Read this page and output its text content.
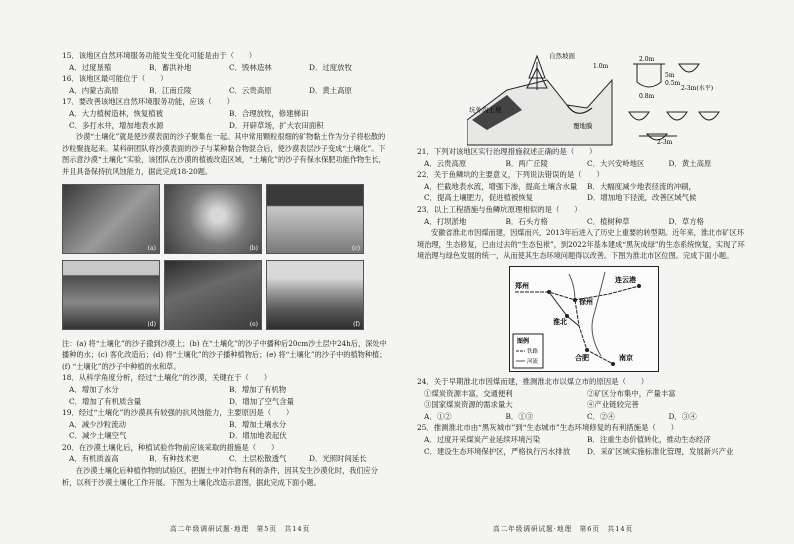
15．该地区自然环境服务功能发生变化可能是由于（　　）
A．过度垦殖	B．蓄洪补地	C．毁林造林	D．过度放牧
16．该地区最可能位于（　　）
A．内蒙古高原	B．江南丘陵	C．云贵高原	D．黄土高原
17．要改善该地区自然环境服务功能，应该（　　）
A．大力植树造林，恢复植被	B．合理放牧，修建梯田
C．多打水井，增加地表水源	D．开辟草场，扩大农田面积
沙漠“土壤化”就是使沙漠表面的沙子聚集在一起。其中常用颗粒很细的矿物黏土作为分子将松散的沙粒聚拢起来。某科研团队将沙漠表面的沙子与某种黏合物混合后，使沙漠表层沙子变成“土壤化”。下图示意沙漠“土壤化”实验，该团队在沙漠的植被改造区域，“土壤化”的沙子有保水保肥功能作物生长，并且具备保持抗风蚀能力，据此完成18-20题。
(a)	(b)	(c)
(d)	(e)	(f)
注：(a) 将“土壤化”的沙子撒到沙漠上；(b) 在“土壤化”的沙子中播种后20cm沙土层中24h后，深处中播种的水；(c) 客化改造后；(d) 将“土壤化”的沙子播种植物后；(e) 将“土壤化”的沙子中的植物种植；(f) “土壤化”的沙子中种植的水和草。
18．从科学角度分析，经过“土壤化”的沙漠，关键在于（　　）
A．增加了水分	B．增加了有机物
C．增加了有机质含量	D．增加了空气含量
19．经过“土壤化”的沙漠具有较强的抗风蚀能力，主要原因是（　　）
A．减少沙粒流动	B．增加土壤水分
C．减少土壤空气	D．增加地表起伏
20．在沙漠土壤化后，种植试验作物前应该采取的措施是（　　）
A．有机质盖高	B．有种技术更	C．土层松散透气	D．光照时间延长
在沙漠土壤化后种植作物的试验区，把握土中对作物有利的条件，因其发生沙漠化时，我们应分析，以利于沙漠土壤化工作开展。下图为土壤化改造示意图，据此完成下面小题。
高二年级调研试题·地理　第5页　共14页
自然坡面
坑外沟土埂
覆地膜
1.0m
5m
2.0m
0.5m
0.8m
2-3m(水平)
2-3m
21．下列对该地区实行治理措施叙述正确的是（　　）
A．云贵高原	B．两广丘陵	C．大兴安岭地区	D．黄土高原
22．关于鱼鳞坑的主要意义，下列说法错误的是（　　）
A．拦截地表水流，增强下渗，提高土壤含水量	B．大幅度减少地表径流的冲刷，
C．提高土壤肥力，促进植被恢复	D．增加地下径流，改善区域气候
23．以上工程措施与鱼鳞坑原理相似的是（　　）
A．打坝淤地	B．石头方格	C．植树种草	D．草方格
安徽省淮北市因煤而建，因煤而兴，2013年后进入了历史上重要的转型期。近年来，淮北市矿区环境治理，生态修复，已由过去的“生态包袱”，到2022年基本建成“黑灰成绿”的生态系统恢复，实现了环境治理与绿色发展的统一，从而使其生态环境问题得以改善。下图为淮北市区位图。完成下面小题。
郑州
徐州
连云港
淮北
合肥	南京
图例
铁路
河流
24．关于早期淮北市因煤而建，推测淮北市以煤立市的原因是（　　）
①煤炭资源丰富，交通便利	②矿区分布集中，产量丰富
③国家煤炭资源的需求量大	④产业链较完善
A．①②	B．①③	C．②④	D．③④
25．推测淮北市由“黑灰城市”到“生态城市”生态环境修复的有利措施是（　　）
A．过度开采煤炭产业延续环境污染	B．注重生态价值转化，推动生态经济
C．建设生态环境保护区，严格执行污水排放	D．采矿区域实施标准化管理，发展新兴产业
高二年级调研试题·地理　第6页　共14页
